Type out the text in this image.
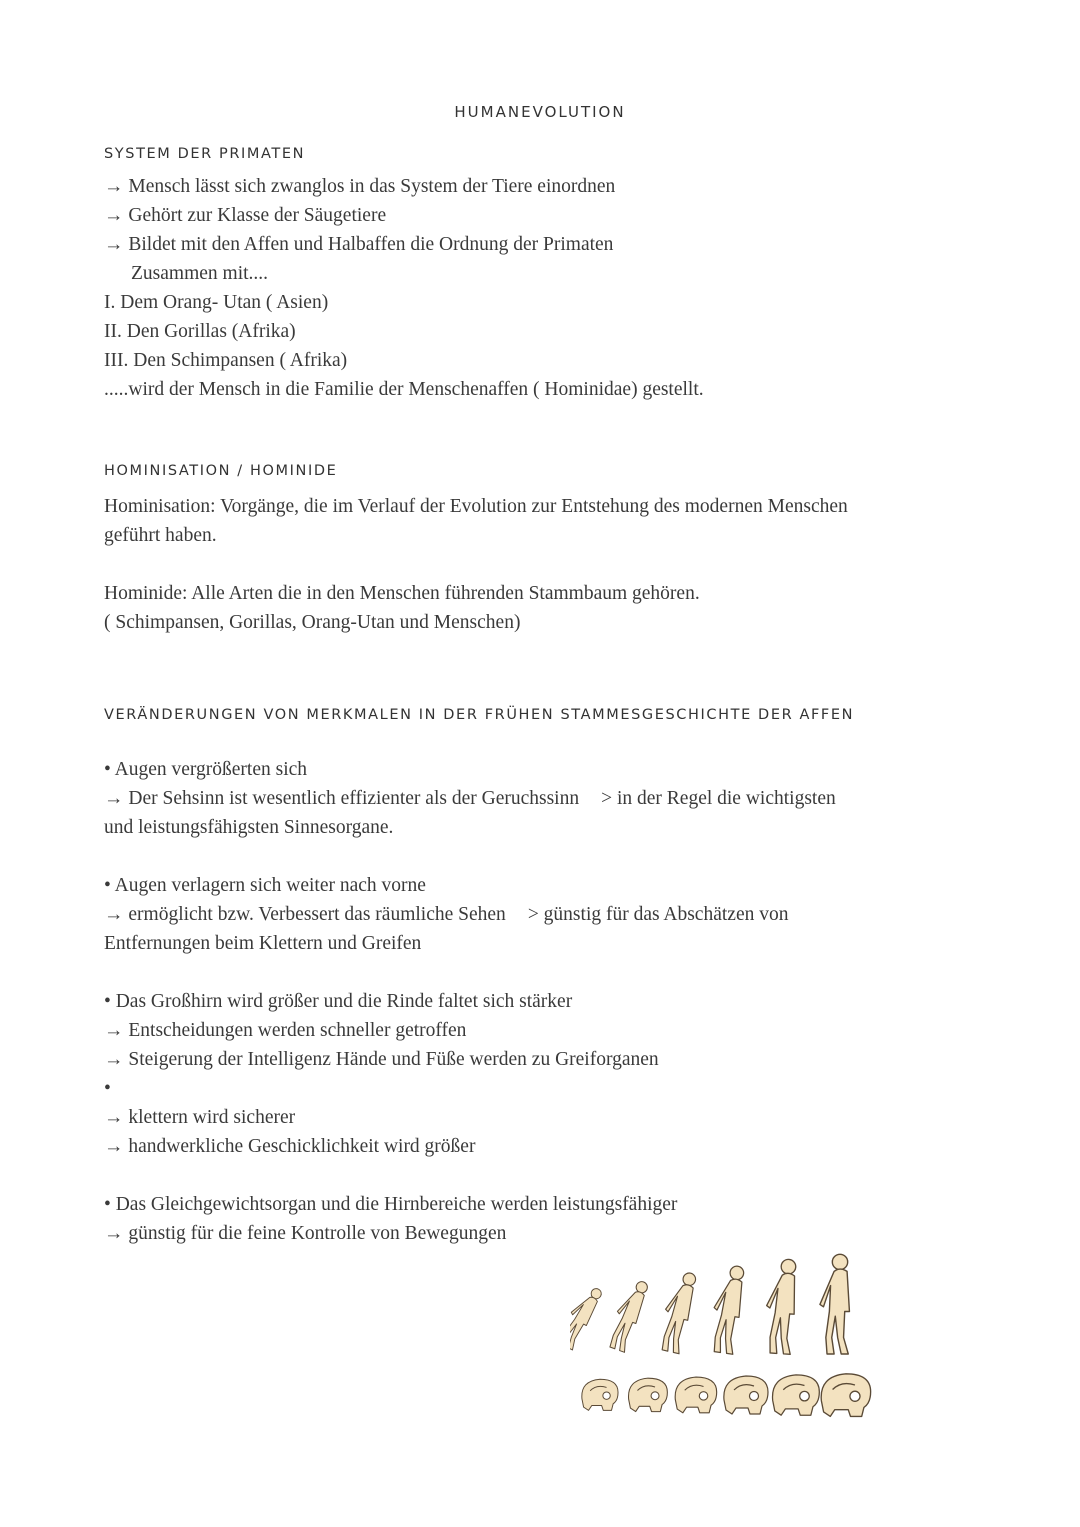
HUMANEVOLUTION
SYSTEM DER PRIMATEN
→ Mensch lässt sich zwanglos in das System der Tiere einordnen
→ Gehört zur Klasse der Säugetiere
→ Bildet mit den Affen und Halbaffen die Ordnung der Primaten
Zusammen mit....
I. Dem Orang- Utan ( Asien)
II. Den Gorillas (Afrika)
III. Den Schimpansen ( Afrika)
.....wird der Mensch in die Familie der Menschenaffen ( Hominidae) gestellt.
HOMINISATION / HOMINIDE
Hominisation: Vorgänge, die im Verlauf der Evolution zur Entstehung des modernen Menschen
geführt haben.
Hominide: Alle Arten die in den Menschen führenden Stammbaum gehören.
( Schimpansen, Gorillas, Orang-Utan und Menschen)
VERÄNDERUNGEN VON MERKMALEN IN DER FRÜHEN STAMMESGESCHICHTE DER AFFEN
• Augen vergrößerten sich
→ Der Sehsinn ist wesentlich effizienter als der Geruchssinn > in der Regel die wichtigsten
und leistungsfähigsten Sinnesorgane.
• Augen verlagern sich weiter nach vorne
→ ermöglicht bzw. Verbessert das räumliche Sehen > günstig für das Abschätzen von
Entfernungen beim Klettern und Greifen
• Das Großhirn wird größer und die Rinde faltet sich stärker
→ Entscheidungen werden schneller getroffen
→ Steigerung der Intelligenz Hände und Füße werden zu Greiforganen
•
→ klettern wird sicherer
→ handwerkliche Geschicklichkeit wird größer
• Das Gleichgewichtsorgan und die Hirnbereiche werden leistungsfähiger
→ günstig für die feine Kontrolle von Bewegungen
